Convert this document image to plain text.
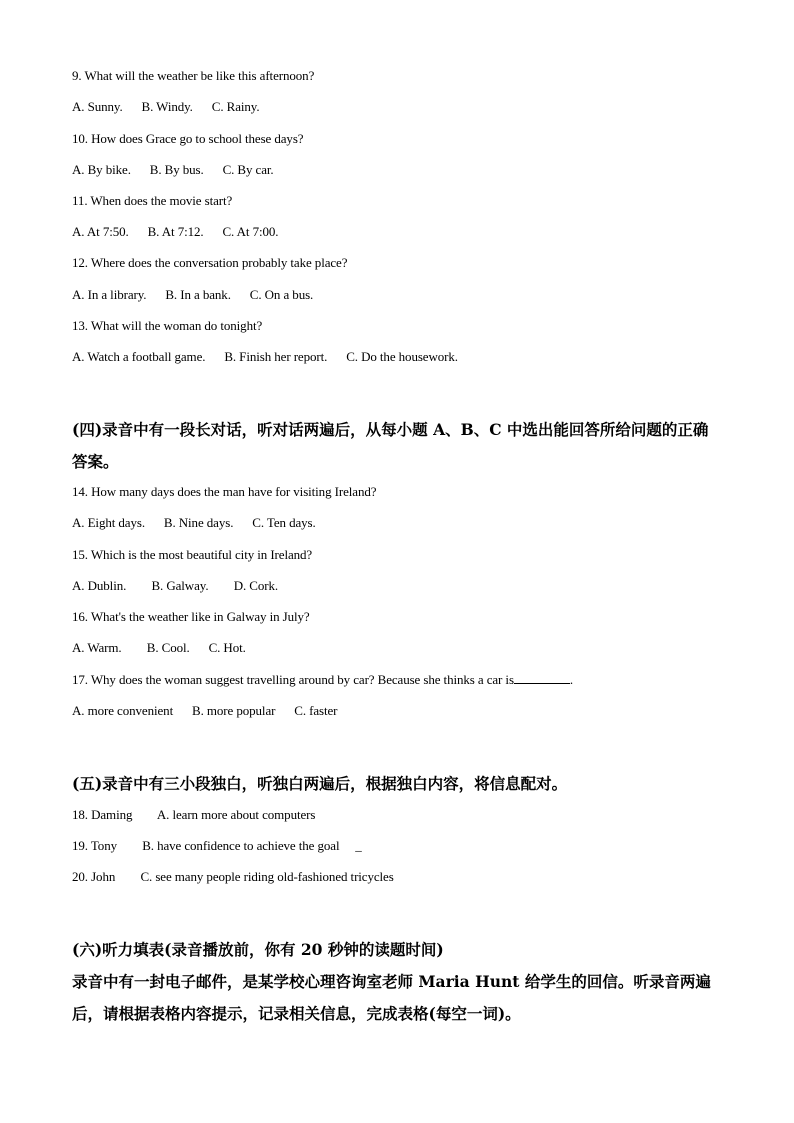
9. What will the weather be like this afternoon?
A. Sunny. B. Windy. C. Rainy.
10. How does Grace go to school these days?
A. By bike. B. By bus. C. By car.
11. When does the movie start?
A. At 7:50. B. At 7:12. C. At 7:00.
12. Where does the conversation probably take place?
A. In a library. B. In a bank. C. On a bus.
13. What will the woman do tonight?
A. Watch a football game. B. Finish her report. C. Do the housework.
(四)录音中有一段长对话，听对话两遍后，从每小题 A、B、C 中选出能回答所给问题的正确答案。
14. How many days does the man have for visiting Ireland?
A. Eight days. B. Nine days. C. Ten days.
15. Which is the most beautiful city in Ireland?
A. Dublin. B. Galway. D. Cork.
16. What's the weather like in Galway in July?
A. Warm. B. Cool. C. Hot.
17. Why does the woman suggest travelling around by car? Because she thinks a car is	.
A. more convenient B. more popular C. faster
(五)录音中有三小段独白，听独白两遍后，根据独白内容，将信息配对。
18. Daming A. learn more about computers
19. Tony B. have confidence to achieve the goal _
20. John C. see many people riding old-fashioned tricycles
(六)听力填表(录音播放前，你有 20 秒钟的读题时间)
录音中有一封电子邮件，是某学校心理咨询室老师 Maria Hunt 给学生的回信。听录音两遍后，请根据表格内容提示，记录相关信息，完成表格(每空一词)。
